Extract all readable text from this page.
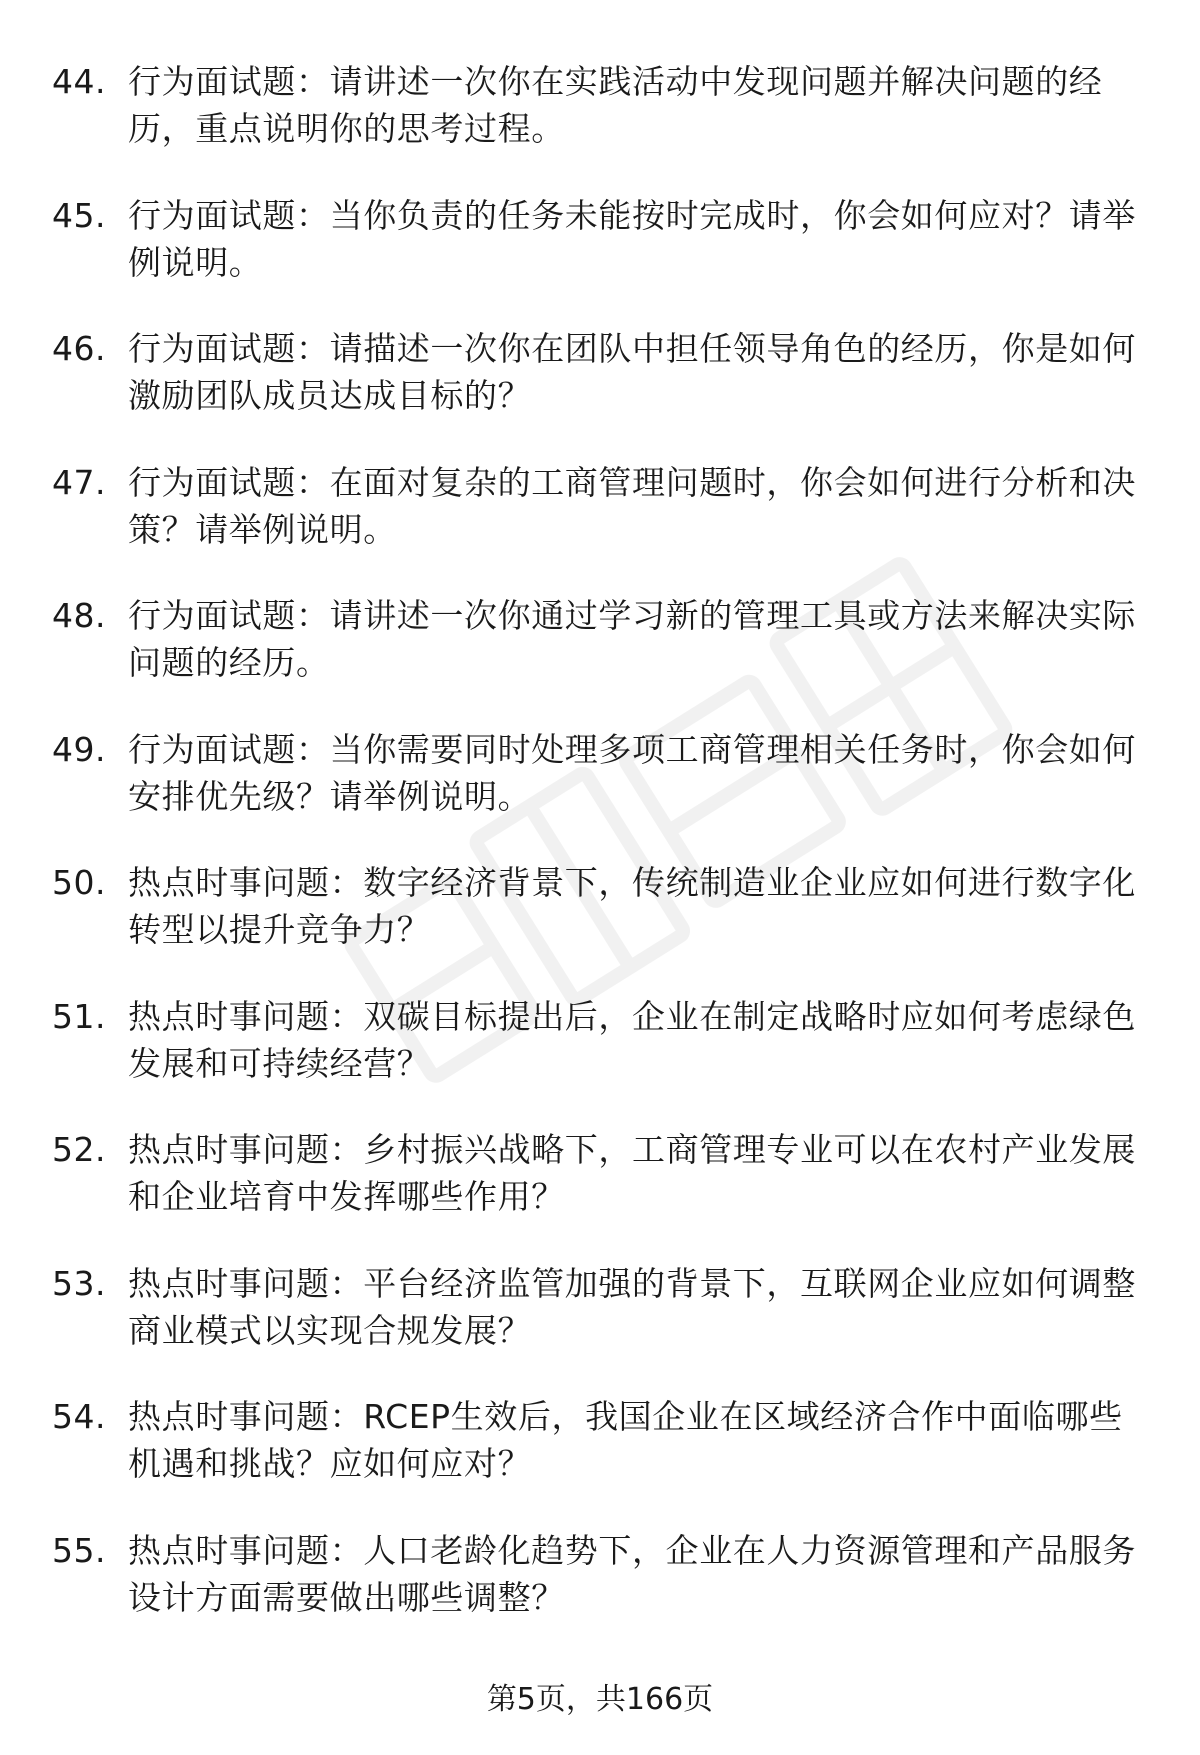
44. 行为面试题：请讲述一次你在实践活动中发现问题并解决问题的经历，重点说明你的思考过程。
45. 行为面试题：当你负责的任务未能按时完成时，你会如何应对？请举例说明。
46. 行为面试题：请描述一次你在团队中担任领导角色的经历，你是如何激励团队成员达成目标的？
47. 行为面试题：在面对复杂的工商管理问题时，你会如何进行分析和决策？请举例说明。
48. 行为面试题：请讲述一次你通过学习新的管理工具或方法来解决实际问题的经历。
49. 行为面试题：当你需要同时处理多项工商管理相关任务时，你会如何安排优先级？请举例说明。
50. 热点时事问题：数字经济背景下，传统制造业企业应如何进行数字化转型以提升竞争力？
51. 热点时事问题：双碳目标提出后，企业在制定战略时应如何考虑绿色发展和可持续经营？
52. 热点时事问题：乡村振兴战略下，工商管理专业可以在农村产业发展和企业培育中发挥哪些作用？
53. 热点时事问题：平台经济监管加强的背景下，互联网企业应如何调整商业模式以实现合规发展？
54. 热点时事问题：RCEP生效后，我国企业在区域经济合作中面临哪些机遇和挑战？应如何应对？
55. 热点时事问题：人口老龄化趋势下，企业在人力资源管理和产品服务设计方面需要做出哪些调整？
第5页，共166页
